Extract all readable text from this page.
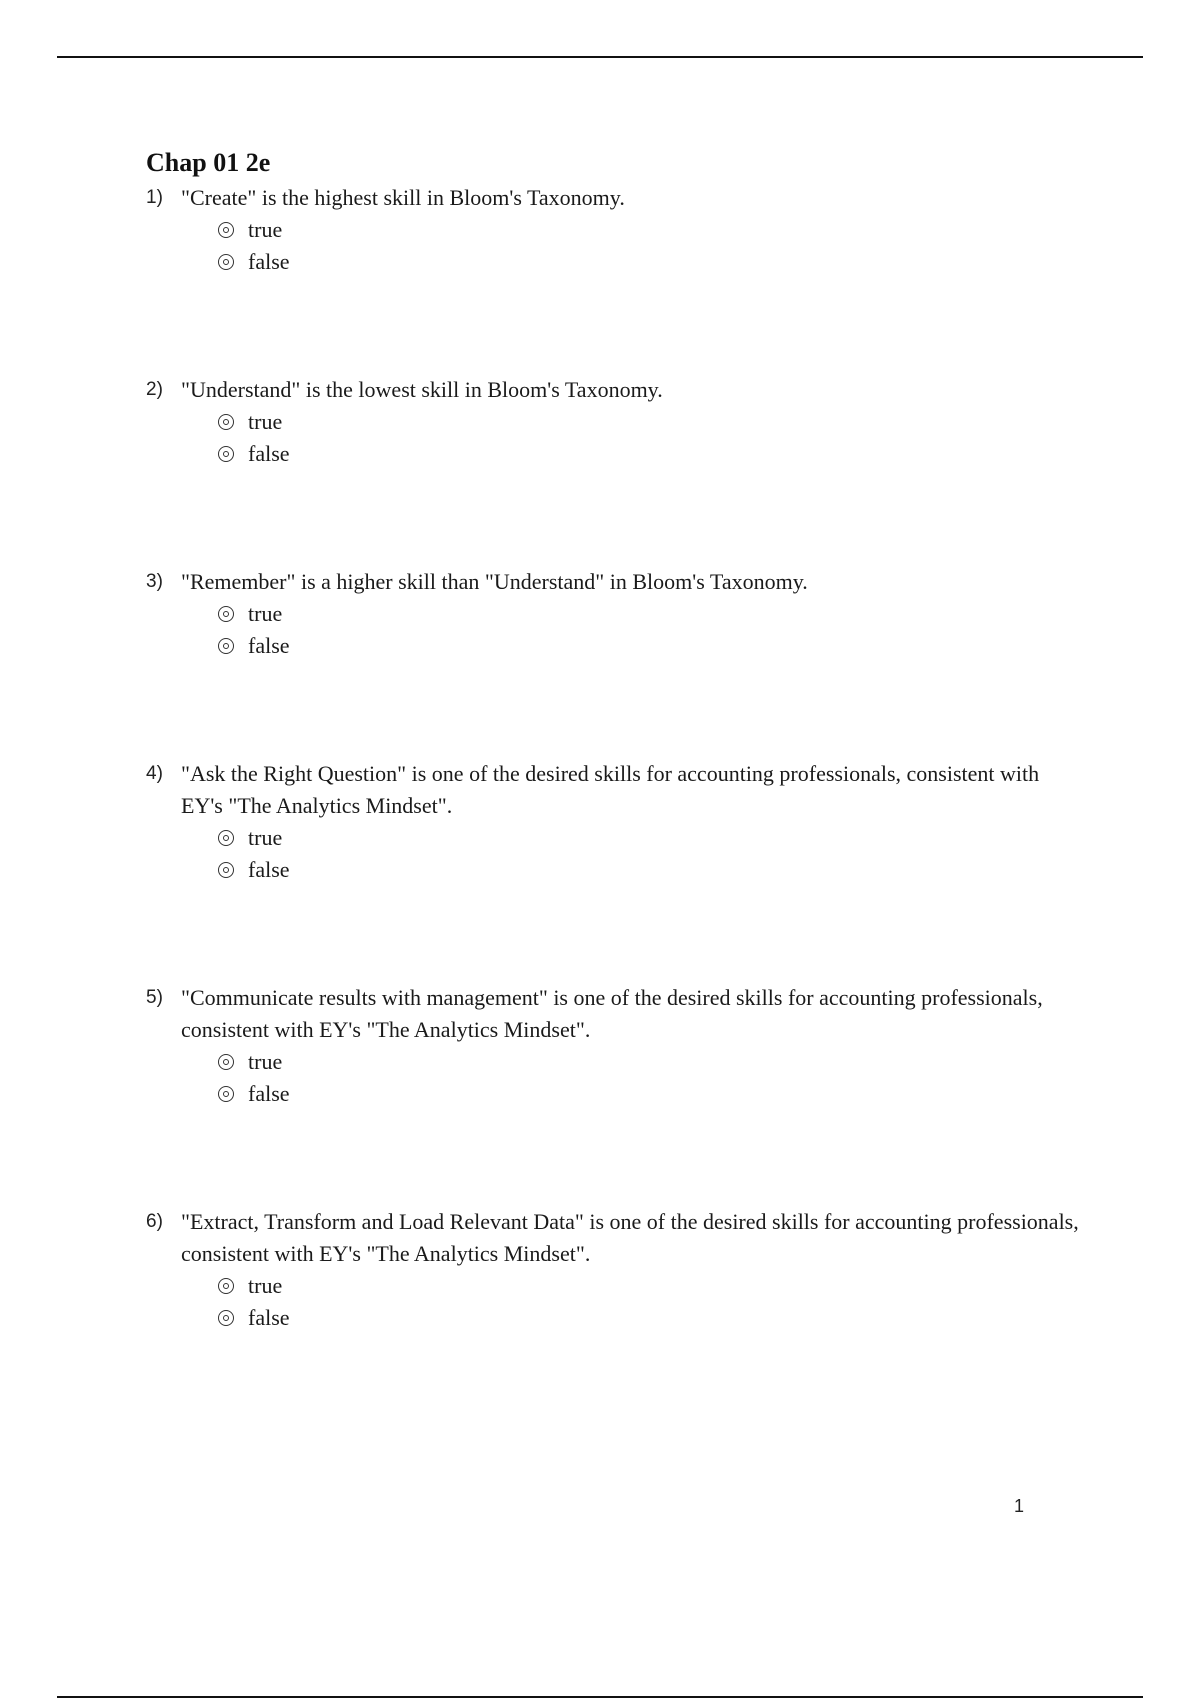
Chap 01 2e
1) "Create" is the highest skill in Bloom's Taxonomy.
true
false
2) "Understand" is the lowest skill in Bloom's Taxonomy.
true
false
3) "Remember" is a higher skill than "Understand" in Bloom's Taxonomy.
true
false
4) "Ask the Right Question" is one of the desired skills for accounting professionals, consistent with EY's "The Analytics Mindset".
true
false
5) "Communicate results with management" is one of the desired skills for accounting professionals, consistent with EY's "The Analytics Mindset".
true
false
6) "Extract, Transform and Load Relevant Data" is one of the desired skills for accounting professionals, consistent with EY's "The Analytics Mindset".
true
false
1
